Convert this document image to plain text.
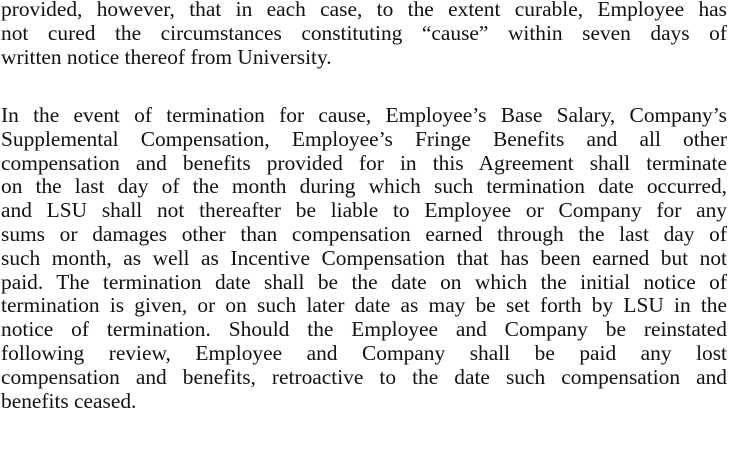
provided, however, that in each case, to the extent curable, Employee has
not cured the circumstances constituting “cause” within seven days of
written notice thereof from University.

In the event of termination for cause, Employee’s Base Salary, Company’s
Supplemental Compensation, Employee’s Fringe Benefits and all other
compensation and benefits provided for in this Agreement shall terminate
on the last day of the month during which such termination date occurred,
and LSU shall not thereafter be liable to Employee or Company for any
sums or damages other than compensation earned through the last day of
such month, as well as Incentive Compensation that has been earned but not
paid. The termination date shall be the date on which the initial notice of
termination is given, or on such later date as may be set forth by LSU in the
notice of termination. Should the Employee and Company be reinstated
following review, Employee and Company shall be paid any lost
compensation and benefits, retroactive to the date such compensation and
benefits ceased.
